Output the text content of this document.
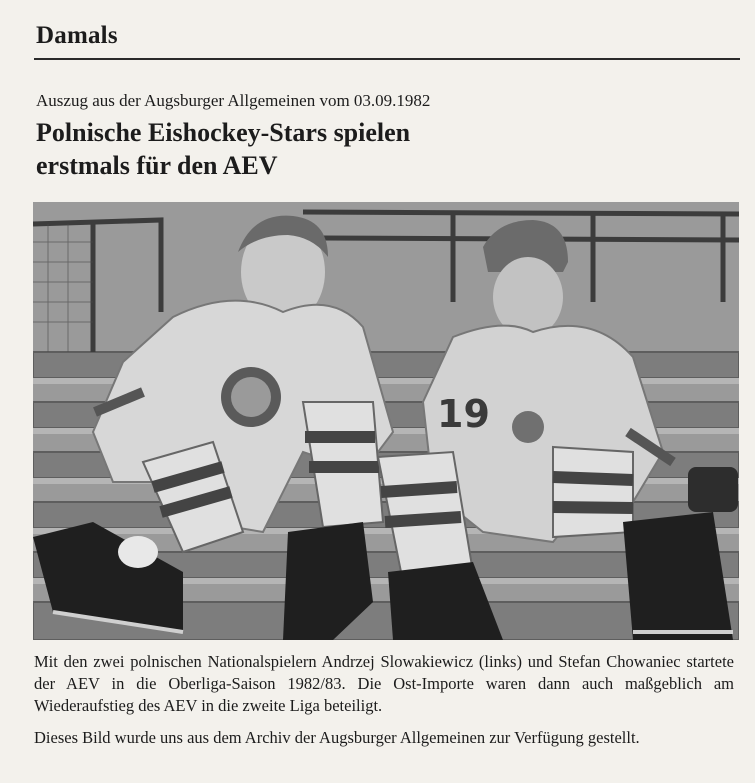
Damals
Auszug aus der Augsburger Allgemeinen vom 03.09.1982
Polnische Eishockey-Stars spielen
erstmals für den AEV
19

Mit den zwei polnischen Nationalspielern Andrzej Slowakiewicz (links) und Stefan Chowaniec startete der AEV in die Oberliga-Saison 1982/83. Die Ost-Importe waren dann auch maßgeblich am Wiederaufstieg des AEV in die zweite Liga beteiligt.

Dieses Bild wurde uns aus dem Archiv der Augsburger Allgemeinen zur Verfügung gestellt.
